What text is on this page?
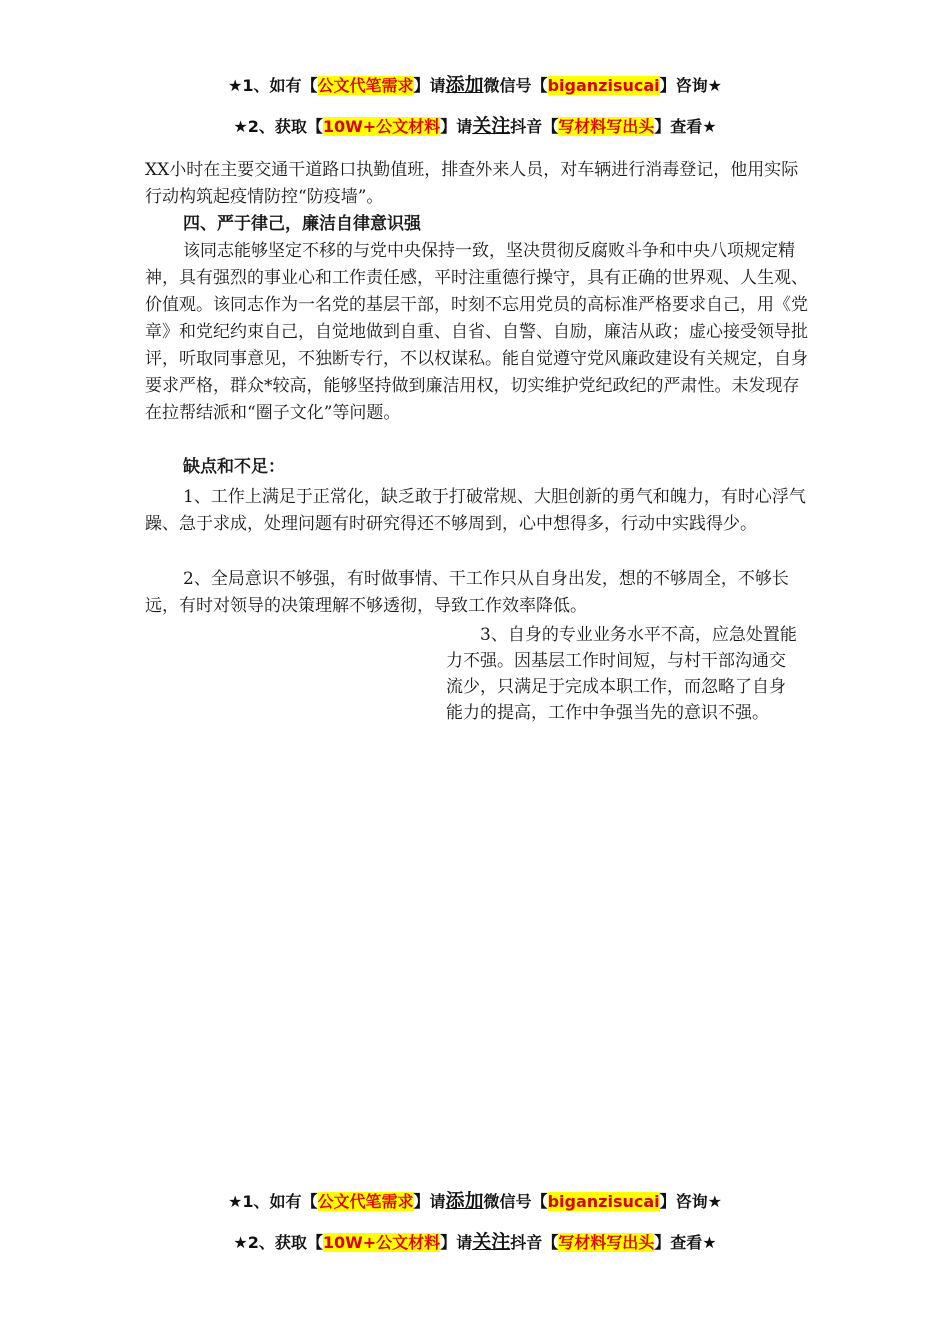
★1、如有【公文代笔需求】请添加微信号【biganzisucai】咨询★
★2、获取【10W+公文材料】请关注抖音【写材料写出头】查看★

XX小时在主要交通干道路口执勤值班，排查外来人员，对车辆进行消毒登记，他用实际行动构筑起疫情防控“防疫墙”。

四、严于律己，廉洁自律意识强

该同志能够坚定不移的与党中央保持一致，坚决贯彻反腐败斗争和中央八项规定精神，具有强烈的事业心和工作责任感，平时注重德行操守，具有正确的世界观、人生观、价值观。该同志作为一名党的基层干部，时刻不忘用党员的高标准严格要求自己，用《党章》和党纪约束自己，自觉地做到自重、自省、自警、自励，廉洁从政；虚心接受领导批评，听取同事意见，不独断专行，不以权谋私。能自觉遵守党风廉政建设有关规定，自身要求严格，群众*较高，能够坚持做到廉洁用权，切实维护党纪政纪的严肃性。未发现存在拉帮结派和“圈子文化”等问题。

缺点和不足：

1、工作上满足于正常化，缺乏敢于打破常规、大胆创新的勇气和魄力，有时心浮气躁、急于求成，处理问题有时研究得还不够周到，心中想得多，行动中实践得少。

2、全局意识不够强，有时做事情、干工作只从自身出发，想的不够周全，不够长远，有时对领导的决策理解不够透彻，导致工作效率降低。

3、自身的专业业务水平不高，应急处置能力不强。因基层工作时间短，与村干部沟通交流少，只满足于完成本职工作，而忽略了自身能力的提高，工作中争强当先的意识不强。

★1、如有【公文代笔需求】请添加微信号【biganzisucai】咨询★
★2、获取【10W+公文材料】请关注抖音【写材料写出头】查看★
